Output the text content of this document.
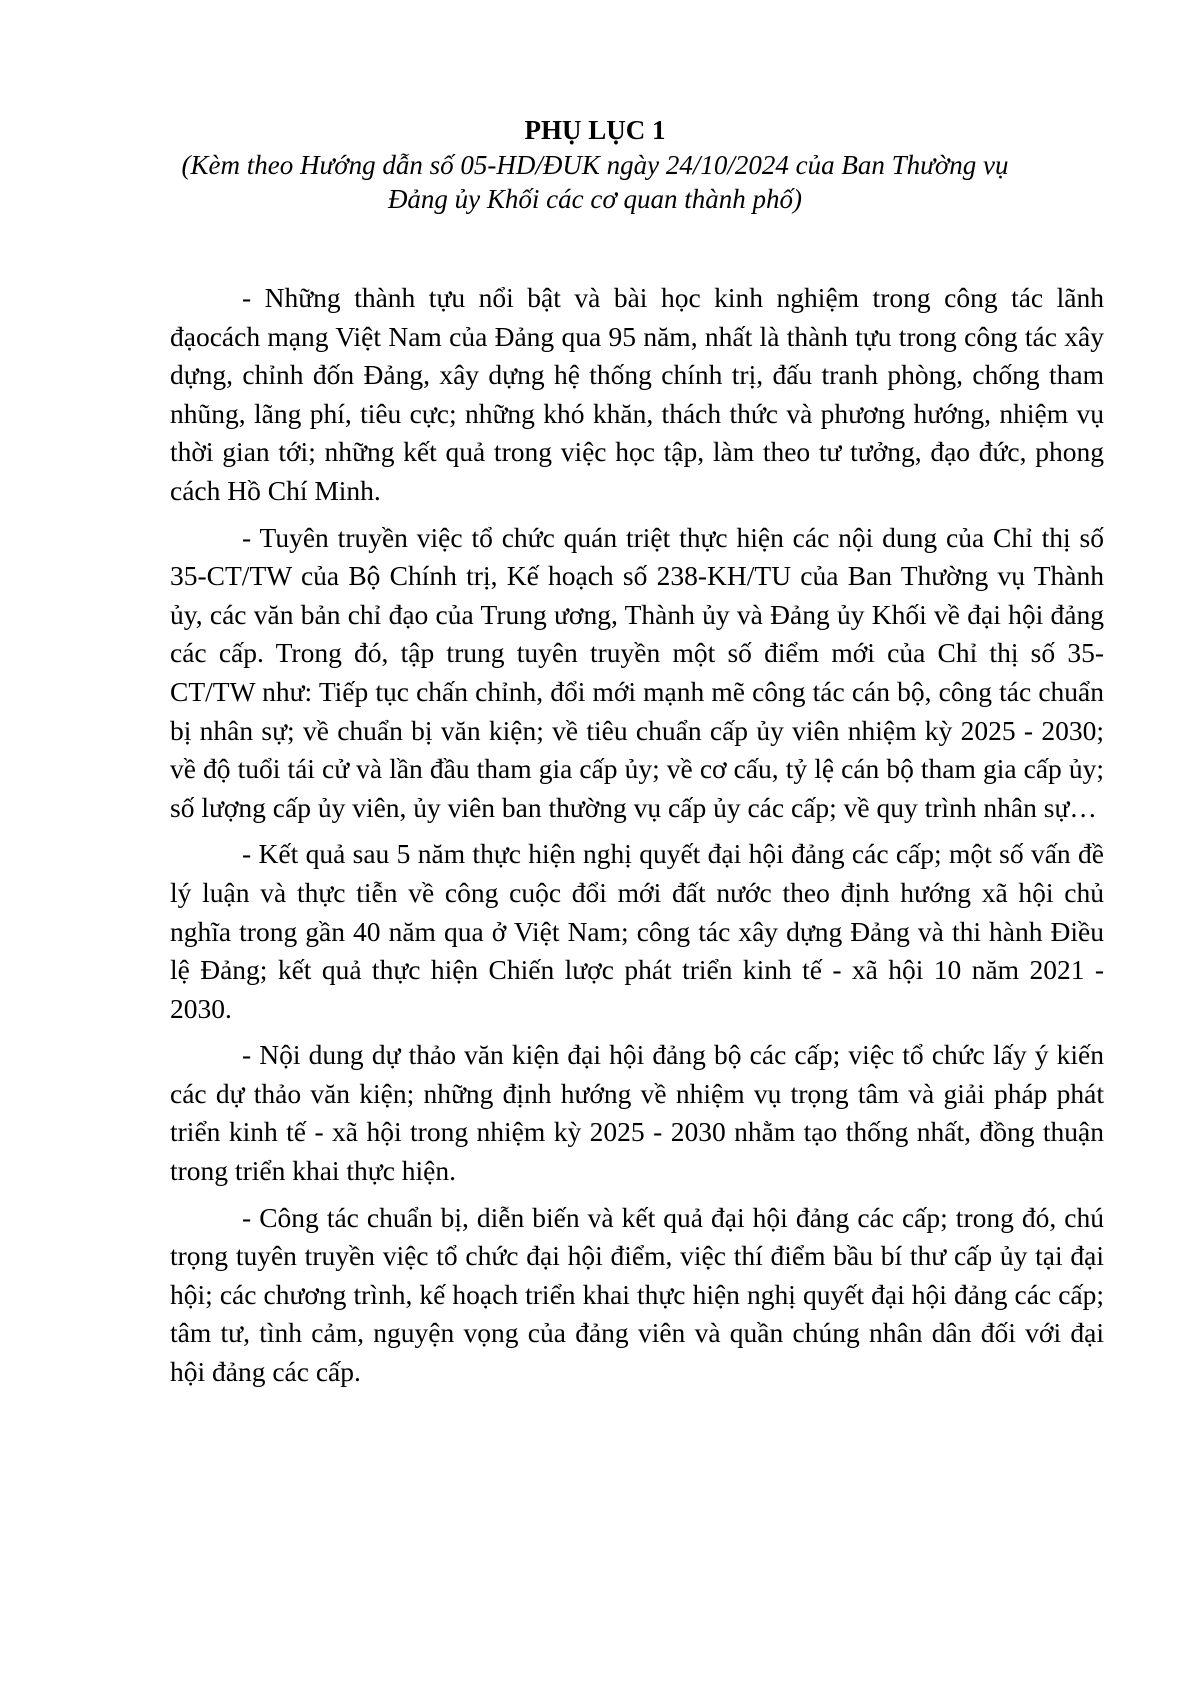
PHỤ LỤC 1

(Kèm theo Hướng dẫn số 05-HD/ĐUK ngày 24/10/2024 của Ban Thường vụ

Đảng ủy Khối các cơ quan thành phố)

- Những thành tựu nổi bật và bài học kinh nghiệm trong công tác lãnh đạocách mạng Việt Nam của Đảng qua 95 năm, nhất là thành tựu trong công tác xây dựng, chỉnh đốn Đảng, xây dựng hệ thống chính trị, đấu tranh phòng, chống tham nhũng, lãng phí, tiêu cực; những khó khăn, thách thức và phương hướng, nhiệm vụ thời gian tới; những kết quả trong việc học tập, làm theo tư tưởng, đạo đức, phong cách Hồ Chí Minh.

- Tuyên truyền việc tổ chức quán triệt thực hiện các nội dung của Chỉ thị số 35-CT/TW của Bộ Chính trị, Kế hoạch số 238-KH/TU của Ban Thường vụ Thành ủy, các văn bản chỉ đạo của Trung ương, Thành ủy và Đảng ủy Khối về đại hội đảng các cấp. Trong đó, tập trung tuyên truyền một số điểm mới của Chỉ thị số 35-CT/TW như: Tiếp tục chấn chỉnh, đổi mới mạnh mẽ công tác cán bộ, công tác chuẩn bị nhân sự; về chuẩn bị văn kiện; về tiêu chuẩn cấp ủy viên nhiệm kỳ 2025 - 2030; về độ tuổi tái cử và lần đầu tham gia cấp ủy; về cơ cấu, tỷ lệ cán bộ tham gia cấp ủy; số lượng cấp ủy viên, ủy viên ban thường vụ cấp ủy các cấp; về quy trình nhân sự…

- Kết quả sau 5 năm thực hiện nghị quyết đại hội đảng các cấp; một số vấn đề lý luận và thực tiễn về công cuộc đổi mới đất nước theo định hướng xã hội chủ nghĩa trong gần 40 năm qua ở Việt Nam; công tác xây dựng Đảng và thi hành Điều lệ Đảng; kết quả thực hiện Chiến lược phát triển kinh tế - xã hội 10 năm 2021 - 2030.

- Nội dung dự thảo văn kiện đại hội đảng bộ các cấp; việc tổ chức lấy ý kiến các dự thảo văn kiện; những định hướng về nhiệm vụ trọng tâm và giải pháp phát triển kinh tế - xã hội trong nhiệm kỳ 2025 - 2030 nhằm tạo thống nhất, đồng thuận trong triển khai thực hiện.

- Công tác chuẩn bị, diễn biến và kết quả đại hội đảng các cấp; trong đó, chú trọng tuyên truyền việc tổ chức đại hội điểm, việc thí điểm bầu bí thư cấp ủy tại đại hội; các chương trình, kế hoạch triển khai thực hiện nghị quyết đại hội đảng các cấp; tâm tư, tình cảm, nguyện vọng của đảng viên và quần chúng nhân dân đối với đại hội đảng các cấp.
